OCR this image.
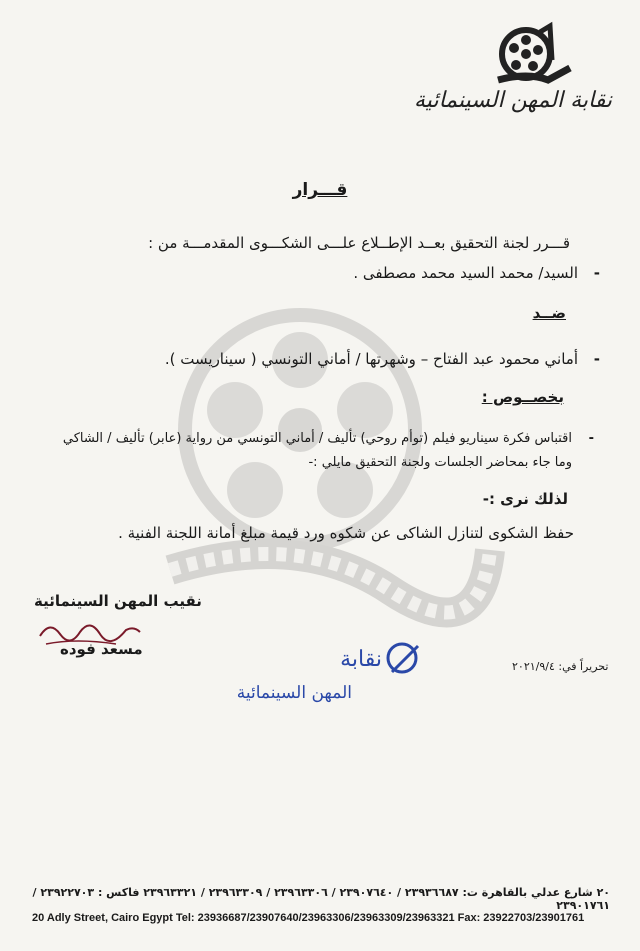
نقابة المهن السينمائية
قـــرار
قـــرر لجنة التحقيق بعــد الإطــلاع علـــى الشكـــوى المقدمـــة من :
- السيد/ محمد السيد محمد مصطفى .
ضــد
- أماني محمود عبد الفتاح – وشهرتها / أماني التونسي ( سيناريست ).
بخصــوص :
- اقتباس فكرة سيناريو فيلم (توأم روحي) تأليف / أماني التونسي من رواية (عابر) تأليف / الشاكي
وما جاء بمحاضر الجلسات ولجنة التحقيق مايلي :-
لذلك نرى :-
حفظ الشكوى لتنازل الشاكى عن شكوه ورد قيمة مبلغ أمانة اللجنة الفنية .
نقيب المهن السينمائية
مسعد فوده	نقابة
المهن السينمائية
تحريراً في: ٢٠٢١/٩/٤
٢٠ شارع عدلي بالقاهرة ت: ٢٣٩٣٦٦٨٧ / ٢٣٩٠٧٦٤٠ / ٢٣٩٦٣٣٠٦ / ٢٣٩٦٣٣٠٩ / ٢٣٩٦٣٣٢١ فاكس : ٢٣٩٢٢٧٠٣ / ٢٣٩٠١٧٦١
20 Adly Street, Cairo Egypt Tel: 23936687/23907640/23963306/23963309/23963321 Fax: 23922703/23901761
